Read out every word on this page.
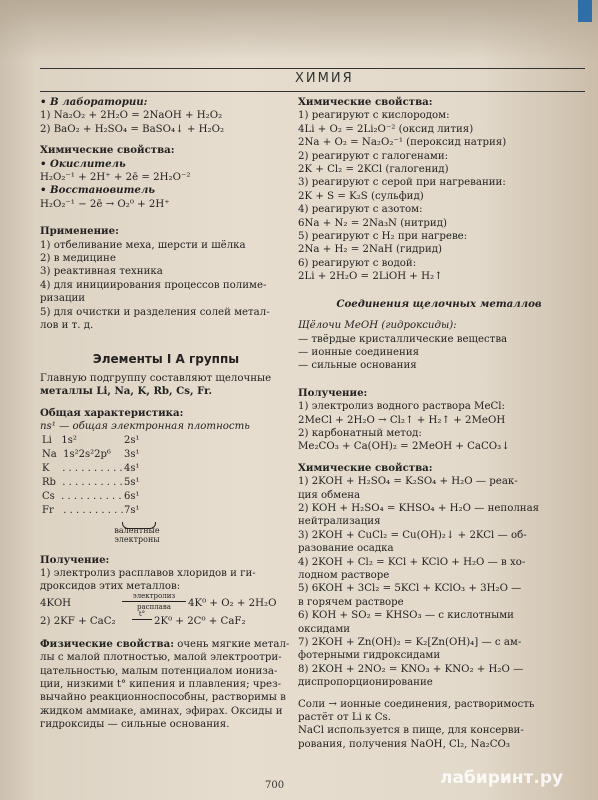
ХИМИЯ
• В лаборатории:
1) Na₂O₂ + 2H₂O = 2NaOH + H₂O₂
2) BaO₂ + H₂SO₄ = BaSO₄↓ + H₂O₂
Химические свойства:
• Окислитель
H₂O₂⁻¹ + 2H⁺ + 2ē = 2H₂O⁻²
• Восстановитель
H₂O₂⁻¹ − 2ē → O₂⁰ + 2H⁺
Применение:
1) отбеливание меха, шерсти и шёлка
2) в медицине
3) реактивная техника
4) для инициирования процессов полиме-
ризации
5) для очистки и разделения солей метал-
лов и т. д.
Элементы I А группы
Главную подгруппу составляют щелочные
металлы Li, Na, K, Rb, Cs, Fr.
Общая характеристика:
ns¹ — общая электронная плотность
Li 1s²	2s¹
Na 1s²2s²2p⁶ 3s¹
K . . . . . . . . . . 4s¹
Rb . . . . . . . . . . 5s¹
Cs . . . . . . . . . . 6s¹
Fr . . . . . . . . . . 7s¹
валентные электроны
Получение:
1) электролиз расплавов хлоридов и ги-
дроксидов этих металлов:
4KOH
электролиз
расплава	4K⁰ + O₂ + 2H₂O
2) 2KF + CaC₂
t°
2K⁰ + 2C⁰ + CaF₂
Физические свойства: очень мягкие метал-
лы с малой плотностью, малой электроотри-
цательностью, малым потенциалом иониза-
ции, низкими t° кипения и плавления; чрез-
вычайно реакционноспособны, растворимы в
жидком аммиаке, аминах, эфирах. Оксиды и
гидроксиды — сильные основания.
Химические свойства:
1) реагируют с кислородом:
4Li + O₂ = 2Li₂O⁻² (оксид лития)
2Na + O₂ = Na₂O₂⁻¹ (пероксид натрия)
2) реагируют с галогенами:
2K + Cl₂ = 2KCl (галогенид)
3) реагируют с серой при нагревании:
2K + S = K₂S (сульфид)
4) реагируют с азотом:
6Na + N₂ = 2Na₃N (нитрид)
5) реагируют с H₂ при нагреве:
2Na + H₂ = 2NaH (гидрид)
6) реагируют с водой:
2Li + 2H₂O = 2LiOH + H₂↑
Соединения щелочных металлов
Щёлочи MeOH (гидроксиды):
— твёрдые кристаллические вещества
— ионные соединения
— сильные основания
Получение:
1) электролиз водного раствора MeCl:
2MeCl + 2H₂O → Cl₂↑ + H₂↑ + 2MeOH
2) карбонатный метод:
Me₂CO₃ + Ca(OH)₂ = 2MeOH + CaCO₃↓
Химические свойства:
1) 2KOH + H₂SO₄ = K₂SO₄ + H₂O — реак-
ция обмена
2) KOH + H₂SO₄ = KHSO₄ + H₂O — неполная
нейтрализация
3) 2KOH + CuCl₂ = Cu(OH)₂↓ + 2KCl — об-
разование осадка
4) 2KOH + Cl₂ = KCl + KClO + H₂O — в хо-
лодном растворе
5) 6KOH + 3Cl₂ = 5KCl + KClO₃ + 3H₂O —
в горячем растворе
6) KOH + SO₂ = KHSO₃ — с кислотными
оксидами
7) 2KOH + Zn(OH)₂ = K₂[Zn(OH)₄] — с ам-
фотерными гидроксидами
8) 2KOH + 2NO₂ = KNO₃ + KNO₂ + H₂O —
диспропорционирование
Соли → ионные соединения, растворимость
растёт от Li к Cs.
NaCl используется в пище, для консерви-
рования, получения NaOH, Cl₂, Na₂CO₃
700	лабиринт.ру
